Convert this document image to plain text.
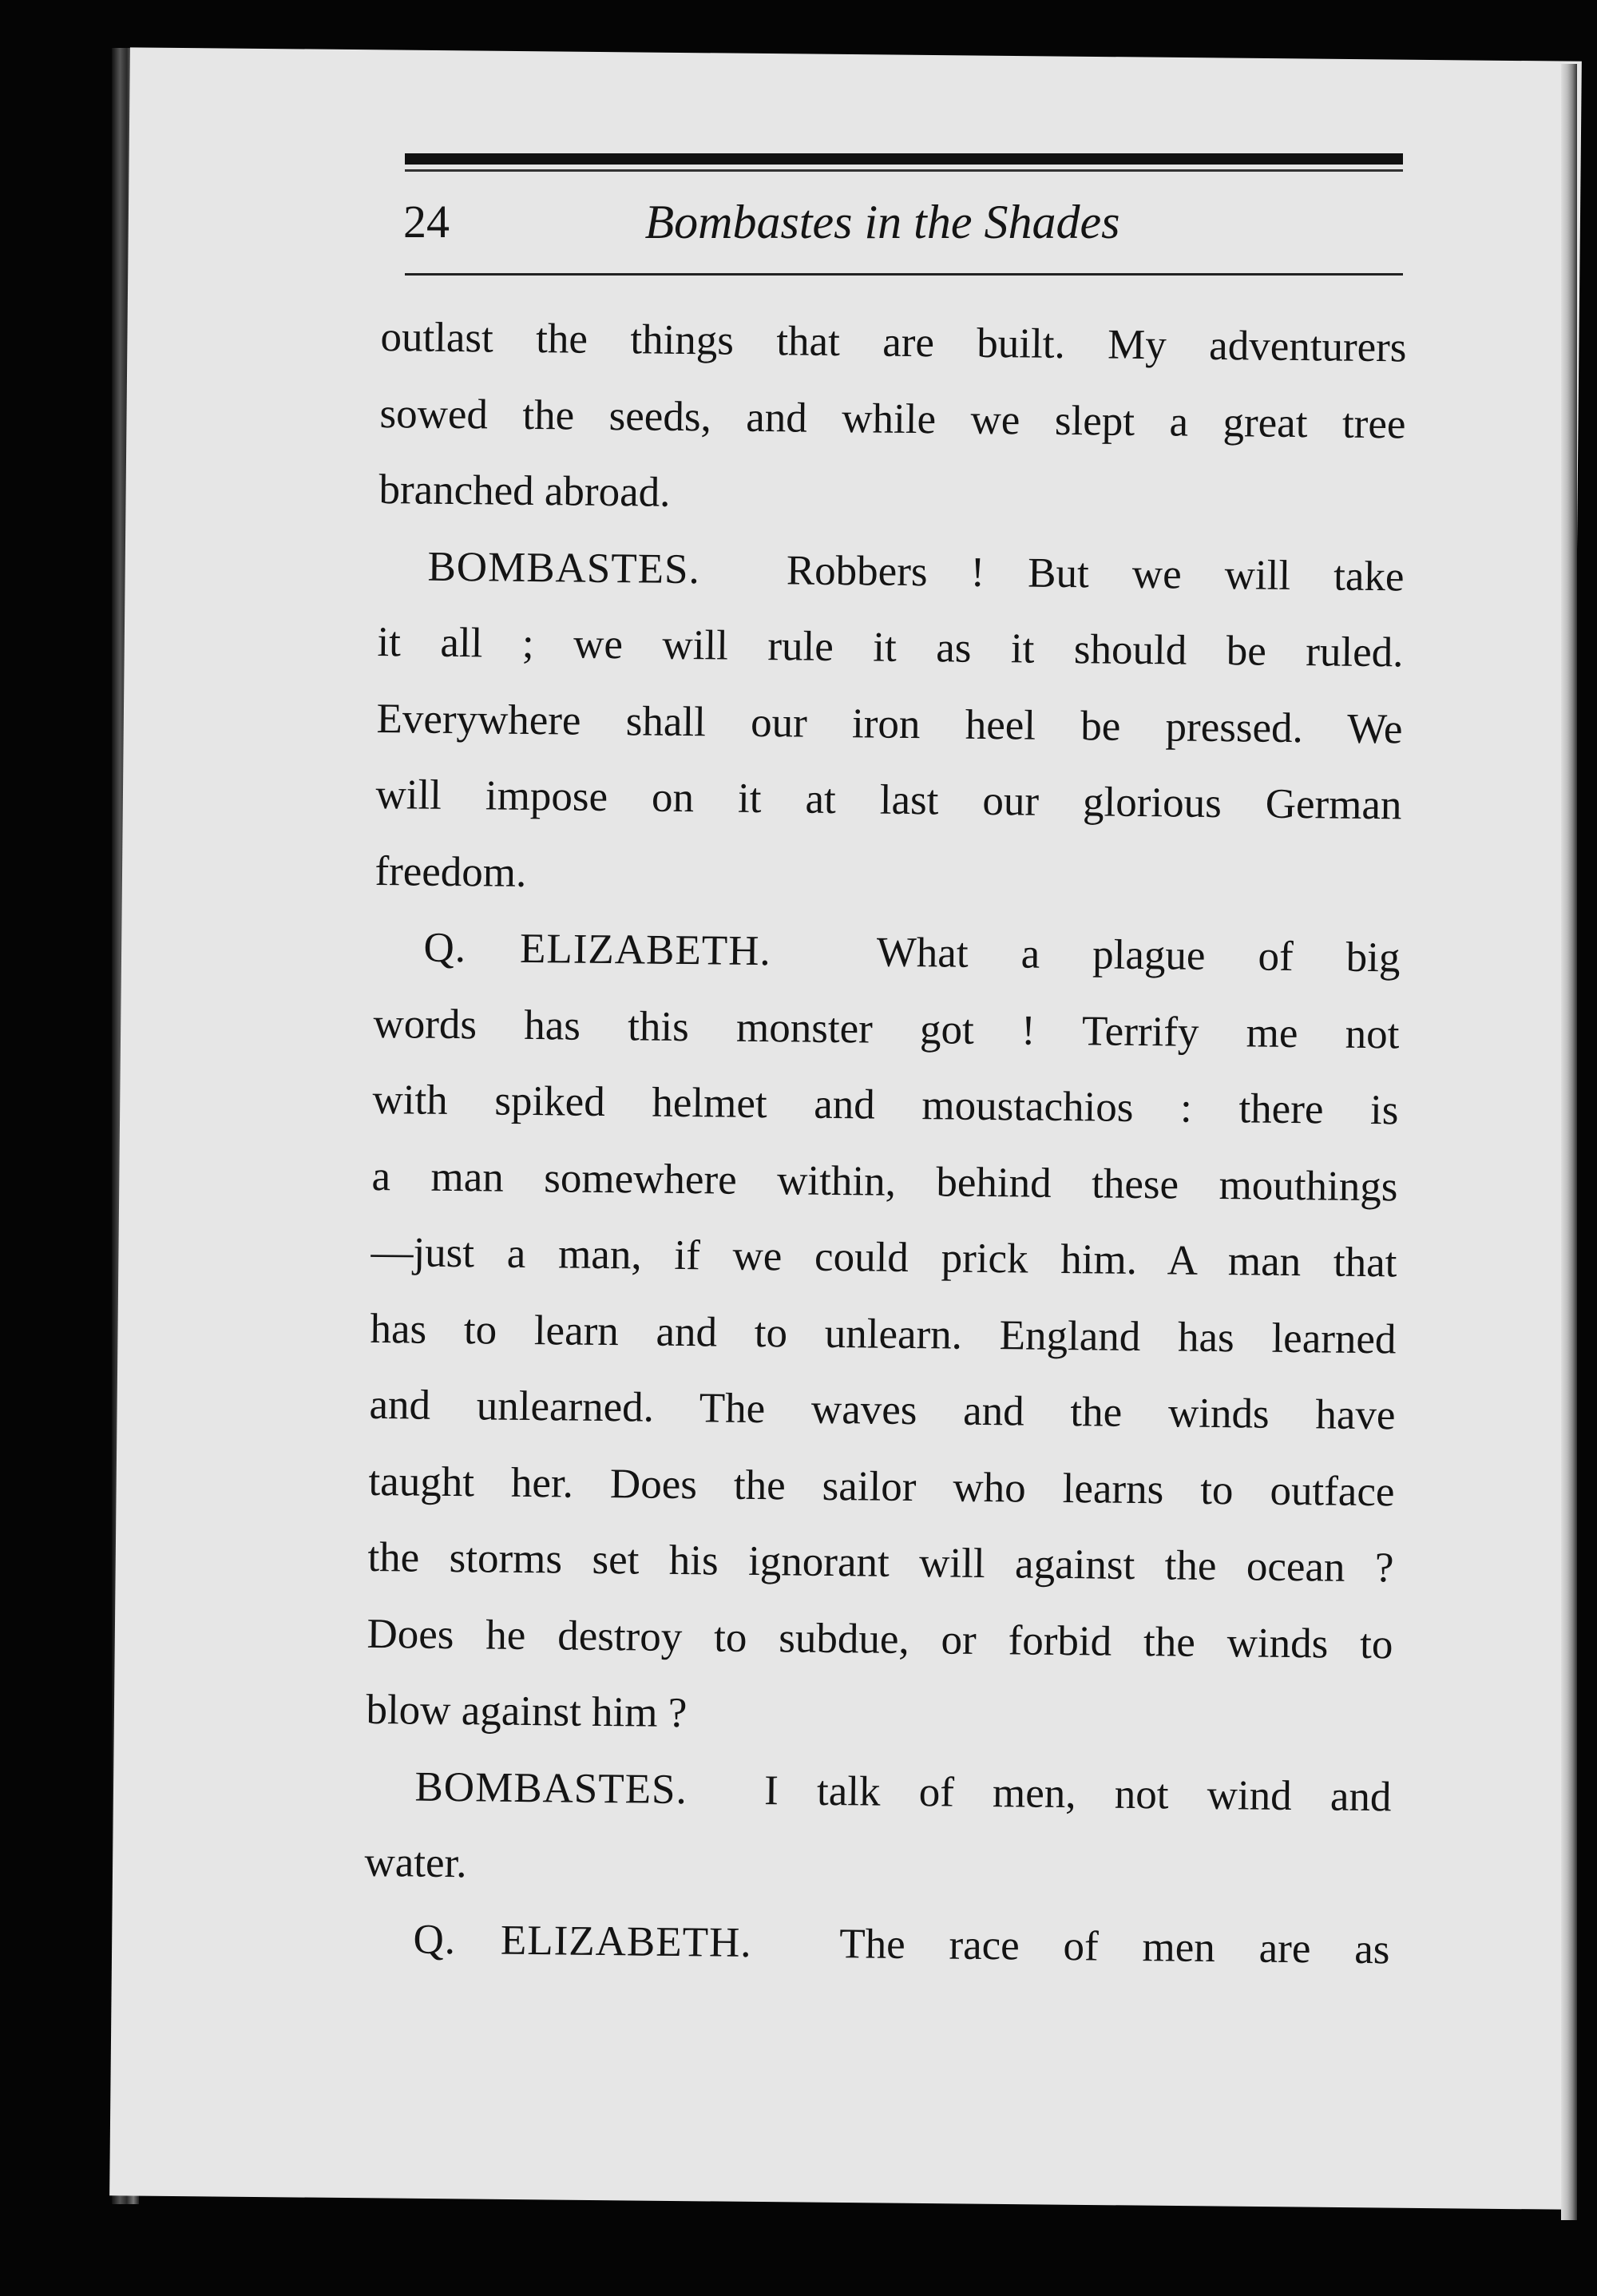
24	Bombastes in the Shades
outlast the things that are built. My adventurers
sowed the seeds, and while we slept a great tree
branched abroad.
BOMBASTES. Robbers ! But we will take
it all ; we will rule it as it should be ruled.
Everywhere shall our iron heel be pressed. We
will impose on it at last our glorious German
freedom.
Q. ELIZABETH. What a plague of big
words has this monster got ! Terrify me not
with spiked helmet and moustachios : there is
a man somewhere within, behind these mouthings
—just a man, if we could prick him. A man that
has to learn and to unlearn. England has learned
and unlearned. The waves and the winds have
taught her. Does the sailor who learns to outface
the storms set his ignorant will against the ocean ?
Does he destroy to subdue, or forbid the winds to
blow against him ?
BOMBASTES. I talk of men, not wind and
water.
Q. ELIZABETH. The race of men are as
